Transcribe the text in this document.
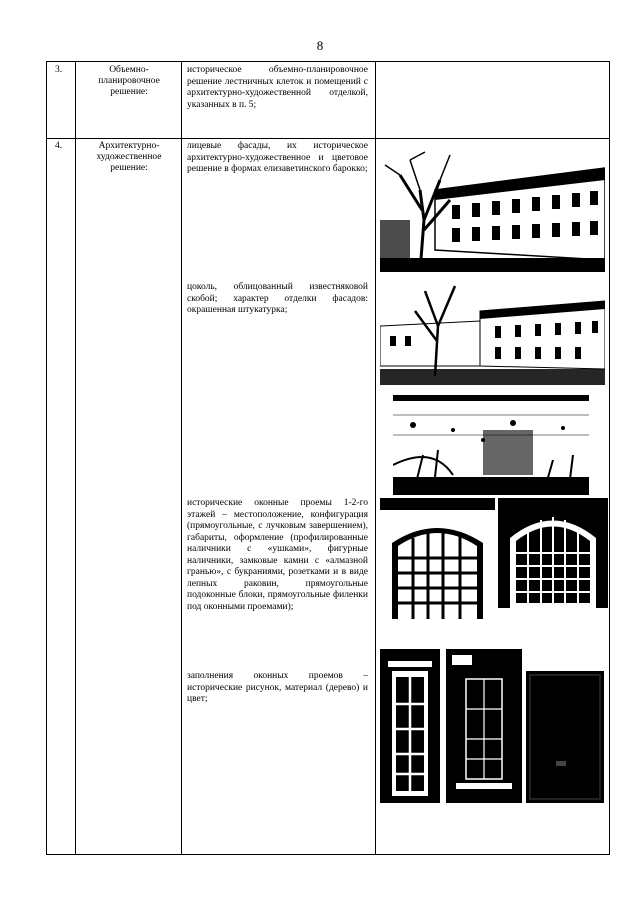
8
3.	Объемно-планировочное решение:
историческое объемно-планировочное решение лестничных клеток и помещений с архитектурно-художественной отделкой, указанных в п. 5;
4.	Архитектурно-художественное решение:
лицевые фасады, их историческое архитектурно-художественное и цветовое решение в формах елизаветинского барокко;
цоколь, облицованный известняковой скобой; характер отделки фасадов: окрашенная штукатурка;
исторические оконные проемы 1-2-го этажей – местоположение, конфигурация (прямоугольные, с лучковым завершением), габариты, оформление (профилированные наличники с «ушками», фигурные наличники, замковые камни с «алмазной гранью», с букраниями, розетками и в виде лепных раковин, прямоугольные подоконные блоки, прямоугольные филенки под оконными проемами);
заполнения оконных проемов – исторические рисунок, материал (дерево) и цвет;
